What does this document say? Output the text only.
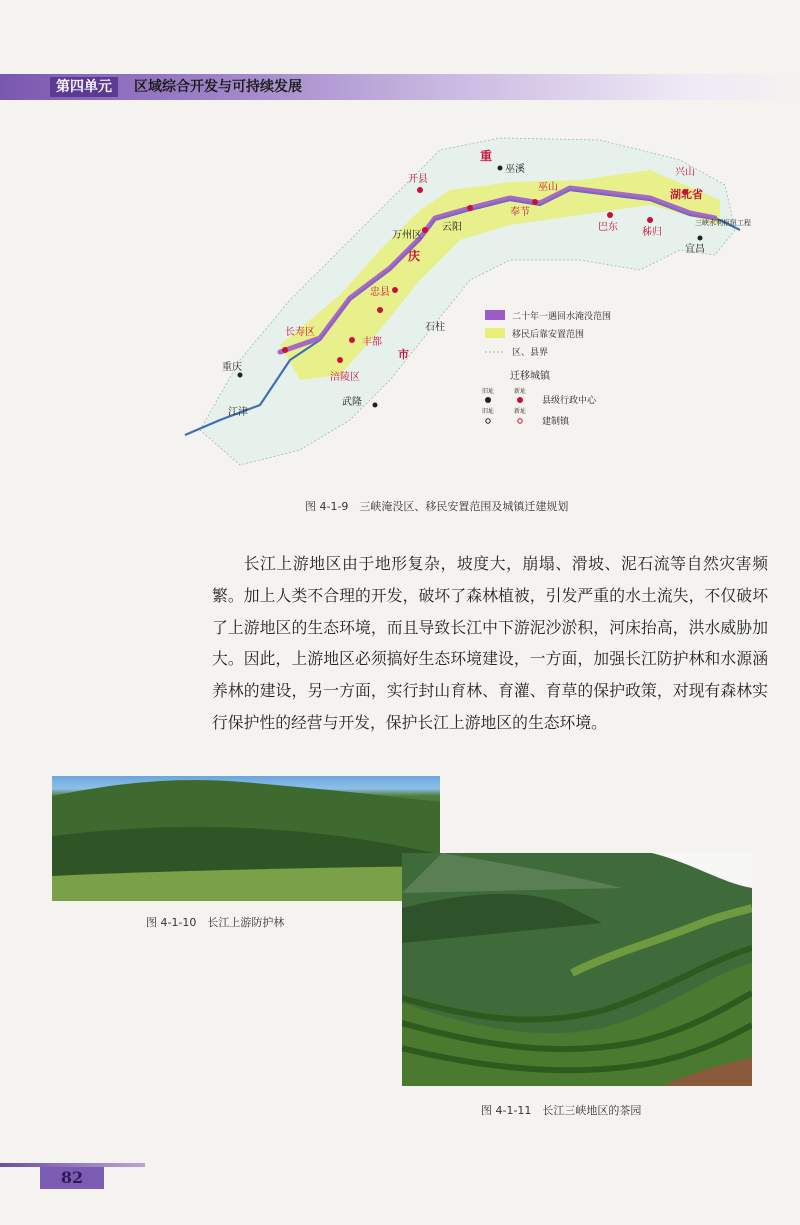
第四单元	区域综合开发与可持续发展
重庆
江津
长寿区
涪陵区
武隆
石柱
丰都
忠县
万州区
云阳
奉节
巫山
巫溪
开县
巴东 秭归
兴山
宜昌
三峡水利枢纽工程
市
重
庆
湖北省
二十年一遇回水淹没范围
移民后靠安置范围
区、县界
迁移城镇
旧址	新址
县级行政中心
旧址	新址
建制镇
图 4-1-9　三峡淹没区、移民安置范围及城镇迁建规划

长江上游地区由于地形复杂，坡度大，崩塌、滑坡、泥石流等自然灾害频繁。加上人类不合理的开发，破坏了森林植被，引发严重的水土流失，不仅破坏了上游地区的生态环境，而且导致长江中下游泥沙淤积，河床抬高，洪水威胁加大。因此，上游地区必须搞好生态环境建设，一方面，加强长江防护林和水源涵养林的建设，另一方面，实行封山育林、育灌、育草的保护政策，对现有森林实行保护性的经营与开发，保护长江上游地区的生态环境。

图 4-1-10　长江上游防护林
图 4-1-11　长江三峡地区的茶园
82
